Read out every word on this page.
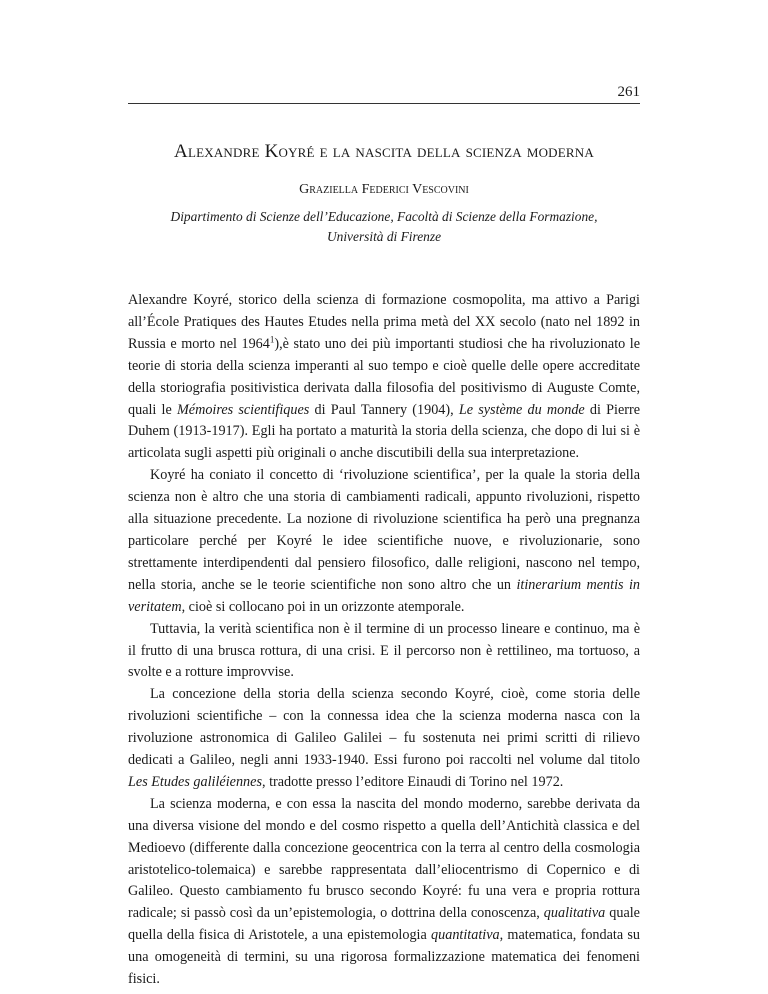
261
Alexandre Koyré e la nascita della scienza moderna
Graziella Federici Vescovini
Dipartimento di Scienze dell’Educazione, Facoltà di Scienze della Formazione,
Università di Firenze

Alexandre Koyré, storico della scienza di formazione cosmopolita, ma attivo a Parigi all’École Pratiques des Hautes Etudes nella prima metà del XX secolo (nato nel 1892 in Russia e morto nel 1964$^1$),è stato uno dei più importanti studiosi che ha rivoluzionato le teorie di storia della scienza imperanti al suo tempo e cioè quelle delle opere accreditate della storiografia positivistica derivata dalla filosofia del positivismo di Auguste Comte, quali le Mémoires scientifiques di Paul Tannery (1904), Le système du monde di Pierre Duhem (1913-1917). Egli ha portato a maturità la storia della scienza, che dopo di lui si è articolata sugli aspetti più originali o anche discutibili della sua interpretazione.

Koyré ha coniato il concetto di ‘rivoluzione scientifica’, per la quale la storia della scienza non è altro che una storia di cambiamenti radicali, appunto rivoluzioni, rispetto alla situazione precedente. La nozione di rivoluzione scientifica ha però una pregnanza particolare perché per Koyré le idee scientifiche nuove, e rivoluzionarie, sono strettamente interdipendenti dal pensiero filosofico, dalle religioni, nascono nel tempo, nella storia, anche se le teorie scientifiche non sono altro che un itinerarium mentis in veritatem, cioè si collocano poi in un orizzonte atemporale.

Tuttavia, la verità scientifica non è il termine di un processo lineare e continuo, ma è il frutto di una brusca rottura, di una crisi. E il percorso non è rettilineo, ma tortuoso, a svolte e a rotture improvvise.

La concezione della storia della scienza secondo Koyré, cioè, come storia delle rivoluzioni scientifiche – con la connessa idea che la scienza moderna nasca con la rivoluzione astronomica di Galileo Galilei – fu sostenuta nei primi scritti di rilievo dedicati a Galileo, negli anni 1933-1940. Essi furono poi raccolti nel volume dal titolo Les Etudes galiléiennes, tradotte presso l’editore Einaudi di Torino nel 1972.

La scienza moderna, e con essa la nascita del mondo moderno, sarebbe derivata da una diversa visione del mondo e del cosmo rispetto a quella dell’Antichità classica e del Medioevo (differente dalla concezione geocentrica con la terra al centro della cosmologia aristotelico-tolemaica) e sarebbe rappresentata dall’eliocentrismo di Copernico e di Galileo. Questo cambiamento fu brusco secondo Koyré: fu una vera e propria rottura radicale; si passò così da un’epistemologia, o dottrina della conoscenza, qualitativa quale quella della fisica di Aristotele, a una epistemologia quantitativa, matematica, fondata su una omogeneità di termini, su una rigorosa formalizzazione matematica dei fenomeni fisici.
